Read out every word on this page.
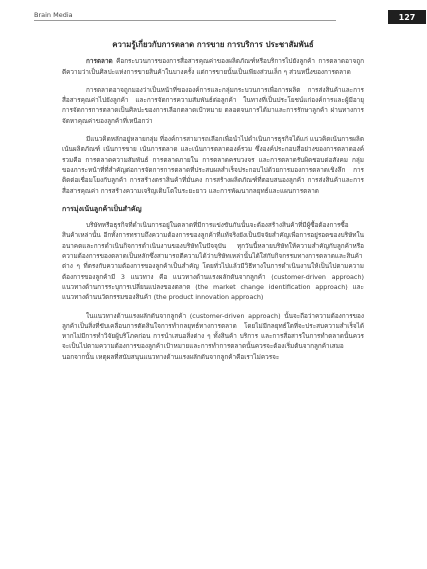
Brain Media	127
ความรู้เกี่ยวกับการตลาด การขาย การบริการ ประชาสัมพันธ์

การตลาด คือกระบวนการของการสื่อสารคุณค่าของผลิตภัณฑ์หรือบริการไปยังลูกค้า การตลาดอาจถูกตีความว่าเป็นศิลปะแห่งการขายสินค้าในบางครั้ง แต่การขายนั้นเป็นเพียงส่วนเล็ก ๆ ส่วนหนึ่งของการตลาด

การตลาดอาจถูกมองว่าเป็นหน้าที่ขององค์การและกลุ่มกระบวนการเพื่อการผลิต การส่งสินค้าและการสื่อสารคุณค่าไปยังลูกค้า และการจัดการความสัมพันธ์ต่อลูกค้า ในทางที่เป็นประโยชน์แก่องค์การและผู้มีอายุ การจัดการการตลาดเป็นศิลปะของการเลือกตลาดเป้าหมาย ตลอดจนการได้มาและการรักษาลูกค้า ผ่านทางการจัดหาคุณค่าของลูกค้าที่เหนือกว่า

มีแนวคิดหลักอยู่หลายกลุ่ม ที่องค์การสามารถเลือกเพื่อนำไปดำเนินการธุรกิจได้แก่ แนวคิดเน้นการผลิต เน้นผลิตภัณฑ์ เน้นการขาย เน้นการตลาด และเน้นการตลาดองค์รวม ซึ่งองค์ประกอบสี่อย่างของการตลาดองค์รวมคือ การตลาดความสัมพันธ์ การตลาดภายใน การตลาดครบวงจร และการตลาดรับผิดชอบต่อสังคม กลุ่มของภาระหน้าที่ที่สำคัญต่อการจัดการการตลาดที่ประสบผลสำเร็จประกอบไปด้วยการมองการตลาดเชิงลึก การติดต่อเชื่อมโยงกับลูกค้า การสร้างตราสินค้าที่มั่นคง การสร้างผลิตภัณฑ์ที่ตอบสนองลูกค้า การส่งสินค้าและการสื่อสารคุณค่า การสร้างความเจริญเติบโตในระยะยาว และการพัฒนากลยุทธ์และแผนการตลาด

การมุ่งเน้นลูกค้าเป็นสำคัญ

บริษัทหรือธุรกิจที่ดำเนินการอยู่ในตลาดที่มีการแข่งขันกันนั้นจะต้องสร้างสินค้าที่มีผู้ซื้อต้องการซื้อสินค้าเหล่านั้น อีกทั้งการทราบถึงความต้องการของลูกค้าที่แท้จริงยังเป็นปัจจัยสำคัญเพื่อการอยู่รอดของบริษัทในอนาคตและการดำเนินกิจการดำเนินงานของบริษัทในปัจจุบัน ทุกวันนี้หลายบริษัทให้ความสำคัญกับลูกค้าหรือความต้องการของตลาดเป็นหลักซึ่งสามารถตีความได้ว่าบริษัทเหล่านั้นได้ใส่กับกิจกรรมทางการตลาดและสินค้าต่าง ๆ ที่ตรงกับความต้องการของลูกค้าเป็นสำคัญ โดยทั่วไปแล้วมีวิธีทางในการดำเนินงานให้เป็นไปตามความต้องการของลูกค้ามี 3 แนวทาง คือ แนวทางด้านแรงผลักดันจากลูกค้า (customer-driven approach) แนวทางด้านการระบุการเปลี่ยนแปลงของตลาด (the market change identification approach) และแนวทางด้านนวัตกรรมของสินค้า (the product innovation approach)

ในแนวทางด้านแรงผลักดันจากลูกค้า (customer-driven approach) นั้นจะถือว่าความต้องการของลูกค้าเป็นสิ่งที่ขับเคลื่อนการตัดสินใจการทำกลยุทธ์ทางการตลาด โดยไม่มีกลยุทธ์ใดที่จะประสบความสำเร็จได้หากไม่มีการทำวิจัยผู้บริโภคก่อน การนำเสนอสิ่งต่าง ๆ ทั้งสินค้า บริการ และการสื่อสารในการทำตลาดนั้นควรจะเป็นไปตามความต้องการของลูกค้าเป้าหมายและการทำการตลาดนั้นควรจะต้องเริ่มต้นจากลูกค้าเสมอ นอกจากนั้น เหตุผลที่สนับสนุนแนวทางด้านแรงผลักดันจากลูกค้าคือเราไม่ควรจะ
